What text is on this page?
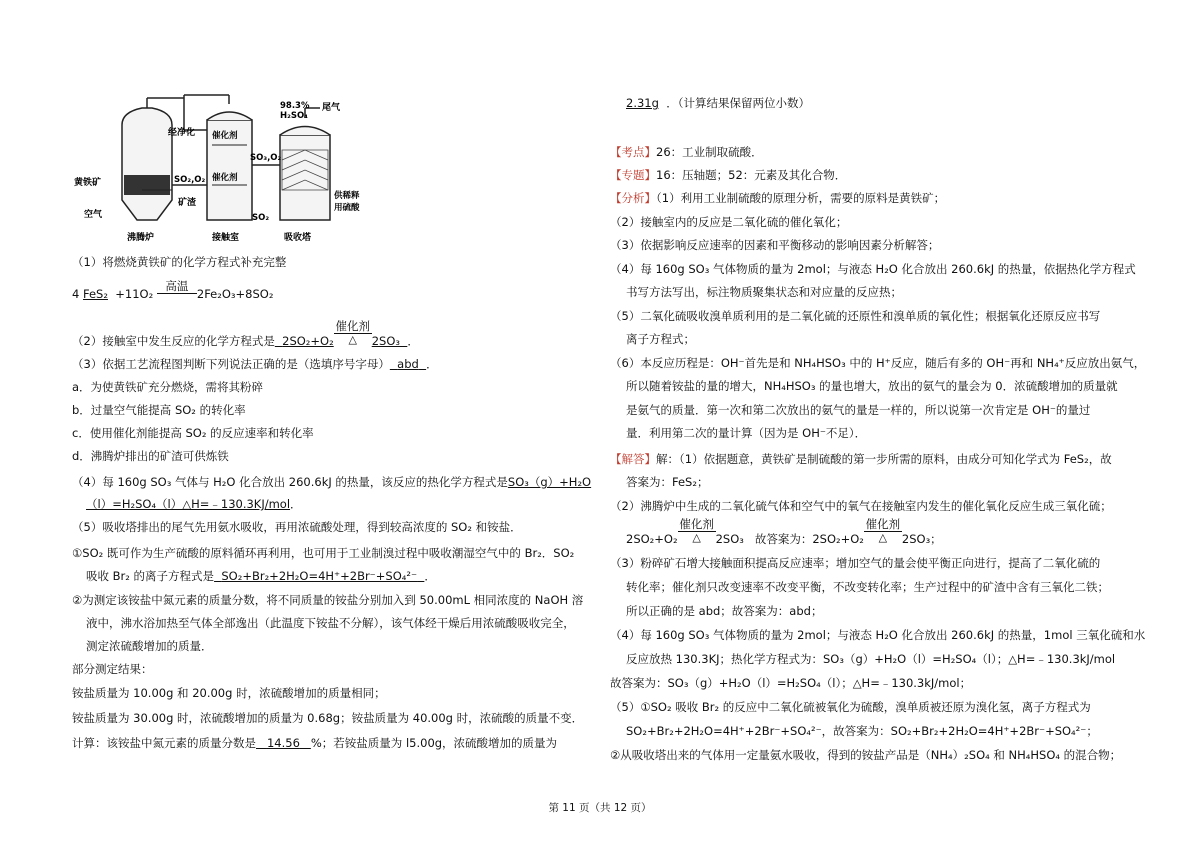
黄铁矿
空气
沸腾炉
经净化
SO₂,O₂
矿渣
催化剂
催化剂
接触室
SO₃,O₂
SO₂
98.3%
H₂SO₄
尾气
供稀释
用硫酸
吸收塔
（1）将燃烧黄铁矿的化学方程式补充完整
4 FeS₂ +11O₂
高温
2Fe₂O₃+8SO₂
（2）接触室中发生反应的化学方程式是 2SO₂+O₂
催化剂
△	2SO₃ ．
（3）依据工艺流程图判断下列说法正确的是（选填序号字母） abd ．
a．为使黄铁矿充分燃烧，需将其粉碎
b．过量空气能提高 SO₂ 的转化率
c．使用催化剂能提高 SO₂ 的反应速率和转化率
d．沸腾炉排出的矿渣可供炼铁
（4）每 160g SO₃ 气体与 H₂O 化合放出 260.6kJ 的热量，该反应的热化学方程式是SO₃（g）+H₂O
（l）=H₂SO₄（l）△H=﹣130.3KJ/mol．
（5）吸收塔排出的尾气先用氨水吸收，再用浓硫酸处理，得到较高浓度的 SO₂ 和铵盐．
①SO₂ 既可作为生产硫酸的原料循环再利用，也可用于工业制溴过程中吸收潮湿空气中的 Br₂．SO₂
吸收 Br₂ 的离子方程式是 SO₂+Br₂+2H₂O=4H⁺+2Br⁻+SO₄²⁻ ．
②为测定该铵盐中氮元素的质量分数，将不同质量的铵盐分别加入到 50.00mL 相同浓度的 NaOH 溶
液中，沸水浴加热至气体全部逸出（此温度下铵盐不分解），该气体经干燥后用浓硫酸吸收完全，
测定浓硫酸增加的质量．
部分测定结果：
铵盐质量为 10.00g 和 20.00g 时，浓硫酸增加的质量相同；
铵盐质量为 30.00g 时，浓硫酸增加的质量为 0.68g；铵盐质量为 40.00g 时，浓硫酸的质量不变．
计算：该铵盐中氮元素的质量分数是 14.56 %；若铵盐质量为 l5.00g，浓硫酸增加的质量为
2.31g ．（计算结果保留两位小数）
【考点】26：工业制取硫酸．
【专题】16：压轴题；52：元素及其化合物．
【分析】（1）利用工业制硫酸的原理分析，需要的原料是黄铁矿；
（2）接触室内的反应是二氧化硫的催化氧化；
（3）依据影响反应速率的因素和平衡移动的影响因素分析解答；
（4）每 160g SO₃ 气体物质的量为 2mol；与液态 H₂O 化合放出 260.6kJ 的热量，依据热化学方程式
书写方法写出，标注物质聚集状态和对应量的反应热；
（5）二氧化硫吸收溴单质利用的是二氧化硫的还原性和溴单质的氧化性；根据氧化还原反应书写
离子方程式；
（6）本反应历程是：OH⁻首先是和 NH₄HSO₃ 中的 H⁺反应，随后有多的 OH⁻再和 NH₄⁺反应放出氨气，
所以随着铵盐的量的增大，NH₄HSO₃ 的量也增大，放出的氨气的量会为 0．浓硫酸增加的质量就
是氨气的质量．第一次和第二次放出的氨气的量是一样的，所以说第一次肯定是 OH⁻的量过
量．利用第二次的量计算（因为是 OH⁻不足）．
【解答】解：（1）依据题意，黄铁矿是制硫酸的第一步所需的原料，由成分可知化学式为 FeS₂，故
答案为：FeS₂；
（2）沸腾炉中生成的二氧化硫气体和空气中的氧气在接触室内发生的催化氧化反应生成三氧化硫；
2SO₂+O₂
催化剂
△	2SO₃ 故答案为：2SO₂+O₂
催化剂
△	2SO₃；
（3）粉碎矿石增大接触面积提高反应速率；增加空气的量会使平衡正向进行，提高了二氧化硫的
转化率；催化剂只改变速率不改变平衡，不改变转化率；生产过程中的矿渣中含有三氧化二铁；
所以正确的是 abd；故答案为：abd；
（4）每 160g SO₃ 气体物质的量为 2mol；与液态 H₂O 化合放出 260.6kJ 的热量，1mol 三氧化硫和水
反应放热 130.3KJ；热化学方程式为：SO₃（g）+H₂O（l）=H₂SO₄（l）；△H=﹣130.3kJ/mol
故答案为：SO₃（g）+H₂O（l）=H₂SO₄（l）；△H=﹣130.3kJ/mol；
（5）①SO₂ 吸收 Br₂ 的反应中二氧化硫被氧化为硫酸，溴单质被还原为溴化氢，离子方程式为
SO₂+Br₂+2H₂O=4H⁺+2Br⁻+SO₄²⁻，故答案为：SO₂+Br₂+2H₂O=4H⁺+2Br⁻+SO₄²⁻；
②从吸收塔出来的气体用一定量氨水吸收，得到的铵盐产品是（NH₄）₂SO₄ 和 NH₄HSO₄ 的混合物；
第 11 页（共 12 页）
